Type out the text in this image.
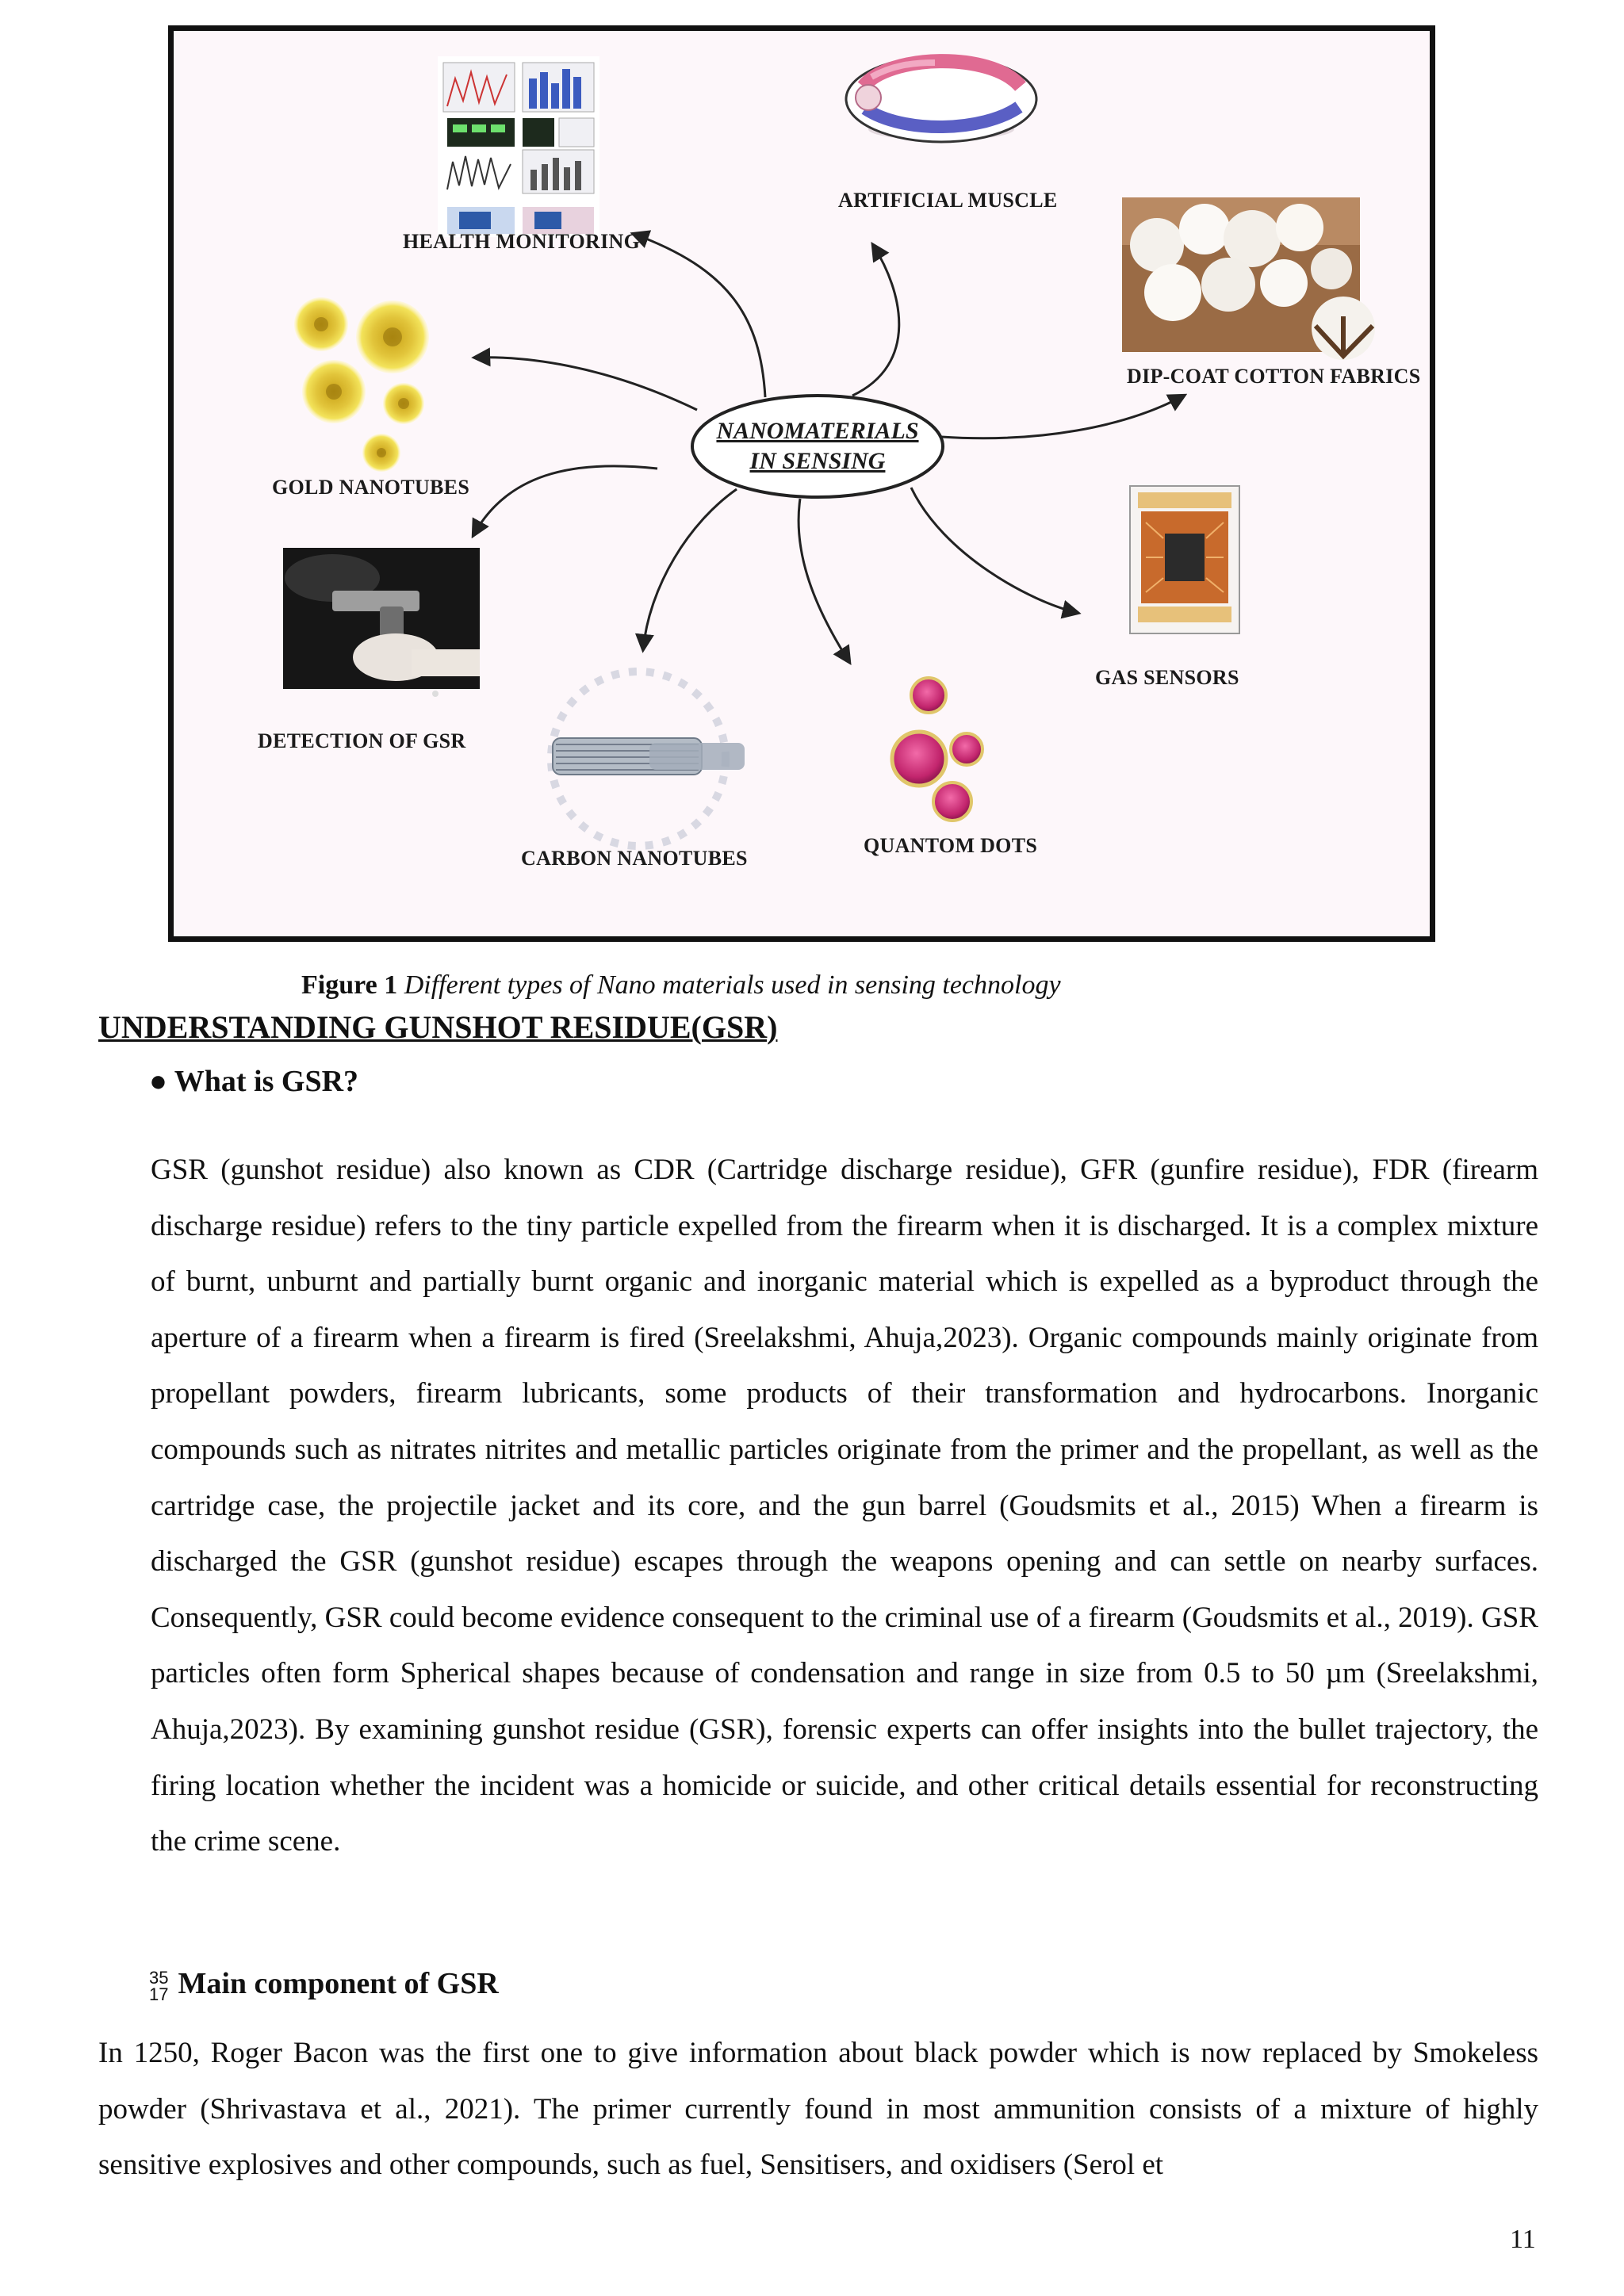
HEALTH MONITORING
ARTIFICIAL MUSCLE
DIP-COAT COTTON FABRICS
GOLD NANOTUBES
GAS SENSORS
DETECTION OF GSR
CARBON NANOTUBES
QUANTOM DOTS
NANOMATERIALS
IN SENSING
Figure 1 Different types of Nano materials used in sensing technology
UNDERSTANDING GUNSHOT RESIDUE(GSR)
● What is GSR?
GSR (gunshot residue) also known as CDR (Cartridge discharge residue), GFR (gunfire residue), FDR (firearm discharge residue) refers to the tiny particle expelled from the firearm when it is discharged. It is a complex mixture of burnt, unburnt and partially burnt organic and inorganic material which is expelled as a byproduct through the aperture of a firearm when a firearm is fired (Sreelakshmi, Ahuja,2023). Organic compounds mainly originate from propellant powders, firearm lubricants, some products of their transformation and hydrocarbons. Inorganic compounds such as nitrates nitrites and metallic particles originate from the primer and the propellant, as well as the cartridge case, the projectile jacket and its core, and the gun barrel (Goudsmits et al., 2015) When a firearm is discharged the GSR (gunshot residue) escapes through the weapons opening and can settle on nearby surfaces. Consequently, GSR could become evidence consequent to the criminal use of a firearm (Goudsmits et al., 2019). GSR particles often form Spherical shapes because of condensation and range in size from 0.5 to 50 µm (Sreelakshmi, Ahuja,2023). By examining gunshot residue (GSR), forensic experts can offer insights into the bullet trajectory, the firing location whether the incident was a homicide or suicide, and other critical details essential for reconstructing the crime scene.
35
17 Main component of GSR
In 1250, Roger Bacon was the first one to give information about black powder which is now replaced by Smokeless powder (Shrivastava et al., 2021). The primer currently found in most ammunition consists of a mixture of highly sensitive explosives and other compounds, such as fuel, Sensitisers, and oxidisers (Serol et
11
